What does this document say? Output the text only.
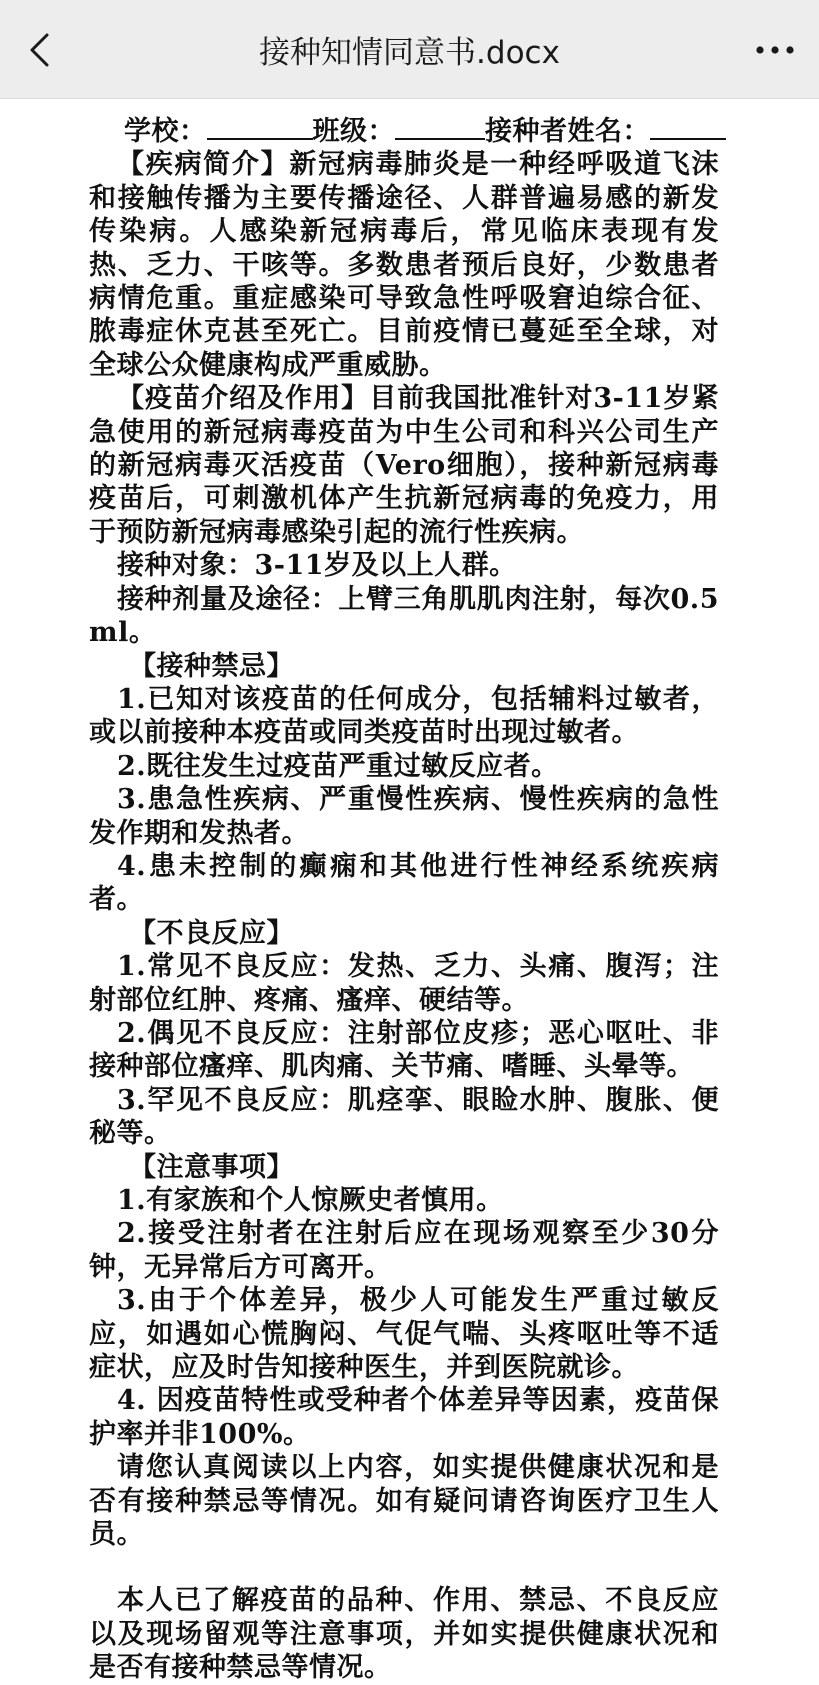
接种知情同意书.docx

学校：	班级：	接种者姓名：

【疾病简介】新冠病毒肺炎是一种经呼吸道飞沫和接触传播为主要传播途径、人群普遍易感的新发传染病。人感染新冠病毒后，常见临床表现有发热、乏力、干咳等。多数患者预后良好，少数患者病情危重。重症感染可导致急性呼吸窘迫综合征、脓毒症休克甚至死亡。目前疫情已蔓延至全球，对全球公众健康构成严重威胁。

【疫苗介绍及作用】目前我国批准针对3-11岁紧急使用的新冠病毒疫苗为中生公司和科兴公司生产的新冠病毒灭活疫苗（Vero细胞），接种新冠病毒疫苗后，可刺激机体产生抗新冠病毒的免疫力，用于预防新冠病毒感染引起的流行性疾病。

接种对象：3-11岁及以上人群。

接种剂量及途径：上臂三角肌肌肉注射，每次0.5ml。

【接种禁忌】

1.已知对该疫苗的任何成分，包括辅料过敏者，或以前接种本疫苗或同类疫苗时出现过敏者。

2.既往发生过疫苗严重过敏反应者。

3.患急性疾病、严重慢性疾病、慢性疾病的急性发作期和发热者。

4.患未控制的癫痫和其他进行性神经系统疾病者。

【不良反应】

1.常见不良反应：发热、乏力、头痛、腹泻；注射部位红肿、疼痛、瘙痒、硬结等。

2.偶见不良反应：注射部位皮疹；恶心呕吐、非接种部位瘙痒、肌肉痛、关节痛、嗜睡、头晕等。

3.罕见不良反应：肌痉挛、眼睑水肿、腹胀、便秘等。

【注意事项】

1.有家族和个人惊厥史者慎用。

2.接受注射者在注射后应在现场观察至少30分钟，无异常后方可离开。

3.由于个体差异，极少人可能发生严重过敏反应，如遇如心慌胸闷、气促气喘、头疼呕吐等不适症状，应及时告知接种医生，并到医院就诊。

4. 因疫苗特性或受种者个体差异等因素，疫苗保护率并非100%。

请您认真阅读以上内容，如实提供健康状况和是否有接种禁忌等情况。如有疑问请咨询医疗卫生人员。

本人已了解疫苗的品种、作用、禁忌、不良反应以及现场留观等注意事项，并如实提供健康状况和是否有接种禁忌等情况。
